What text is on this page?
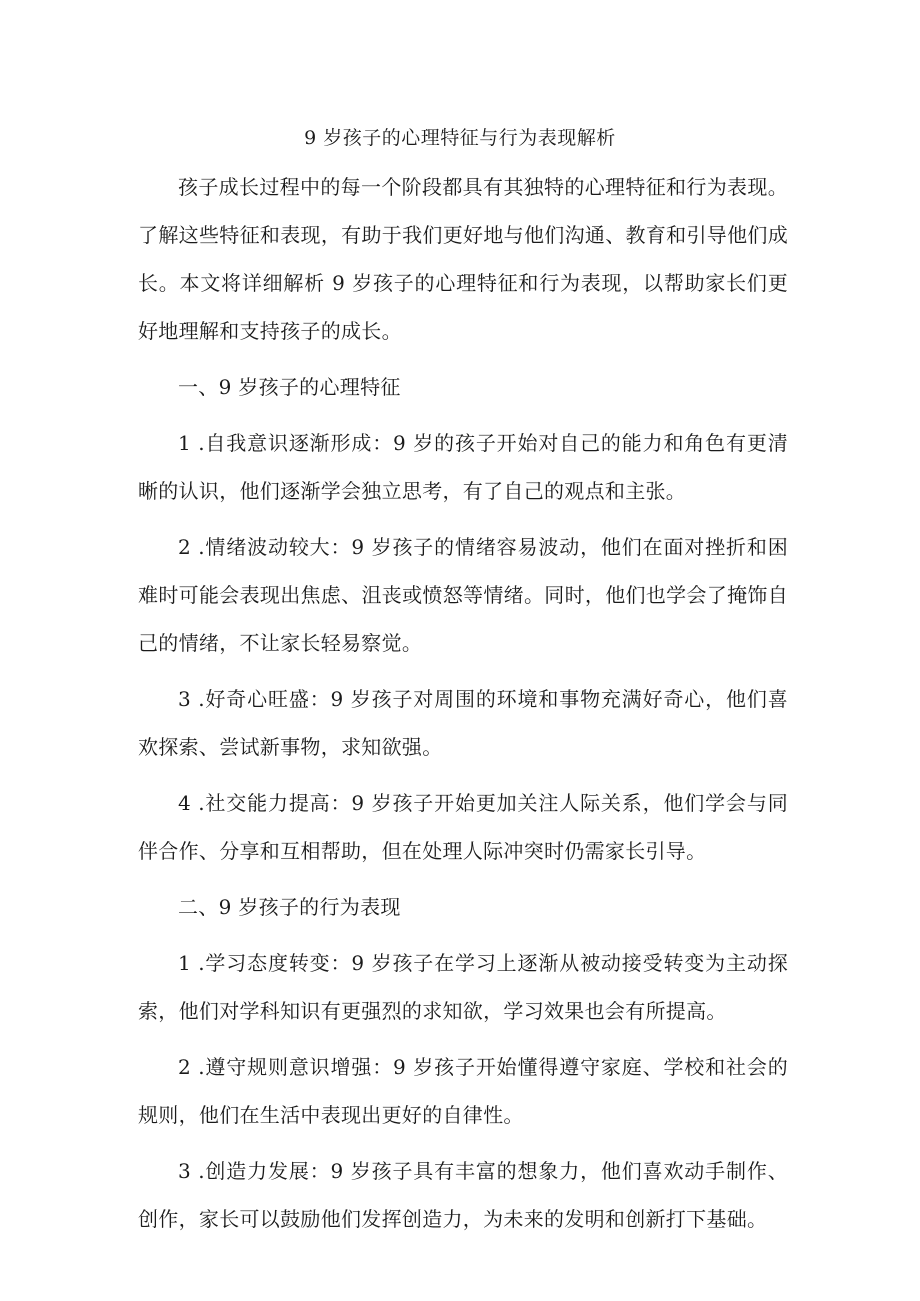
9 岁孩子的心理特征与行为表现解析

孩子成长过程中的每一个阶段都具有其独特的心理特征和行为表现。了解这些特征和表现，有助于我们更好地与他们沟通、教育和引导他们成长。本文将详细解析 9 岁孩子的心理特征和行为表现，以帮助家长们更好地理解和支持孩子的成长。

一、9 岁孩子的心理特征

1 .自我意识逐渐形成：9 岁的孩子开始对自己的能力和角色有更清晰的认识，他们逐渐学会独立思考，有了自己的观点和主张。

2 .情绪波动较大：9 岁孩子的情绪容易波动，他们在面对挫折和困难时可能会表现出焦虑、沮丧或愤怒等情绪。同时，他们也学会了掩饰自己的情绪，不让家长轻易察觉。

3 .好奇心旺盛：9 岁孩子对周围的环境和事物充满好奇心，他们喜欢探索、尝试新事物，求知欲强。

4 .社交能力提高：9 岁孩子开始更加关注人际关系，他们学会与同伴合作、分享和互相帮助，但在处理人际冲突时仍需家长引导。

二、9 岁孩子的行为表现

1 .学习态度转变：9 岁孩子在学习上逐渐从被动接受转变为主动探索，他们对学科知识有更强烈的求知欲，学习效果也会有所提高。

2 .遵守规则意识增强：9 岁孩子开始懂得遵守家庭、学校和社会的规则，他们在生活中表现出更好的自律性。

3 .创造力发展：9 岁孩子具有丰富的想象力，他们喜欢动手制作、创作，家长可以鼓励他们发挥创造力，为未来的发明和创新打下基础。
